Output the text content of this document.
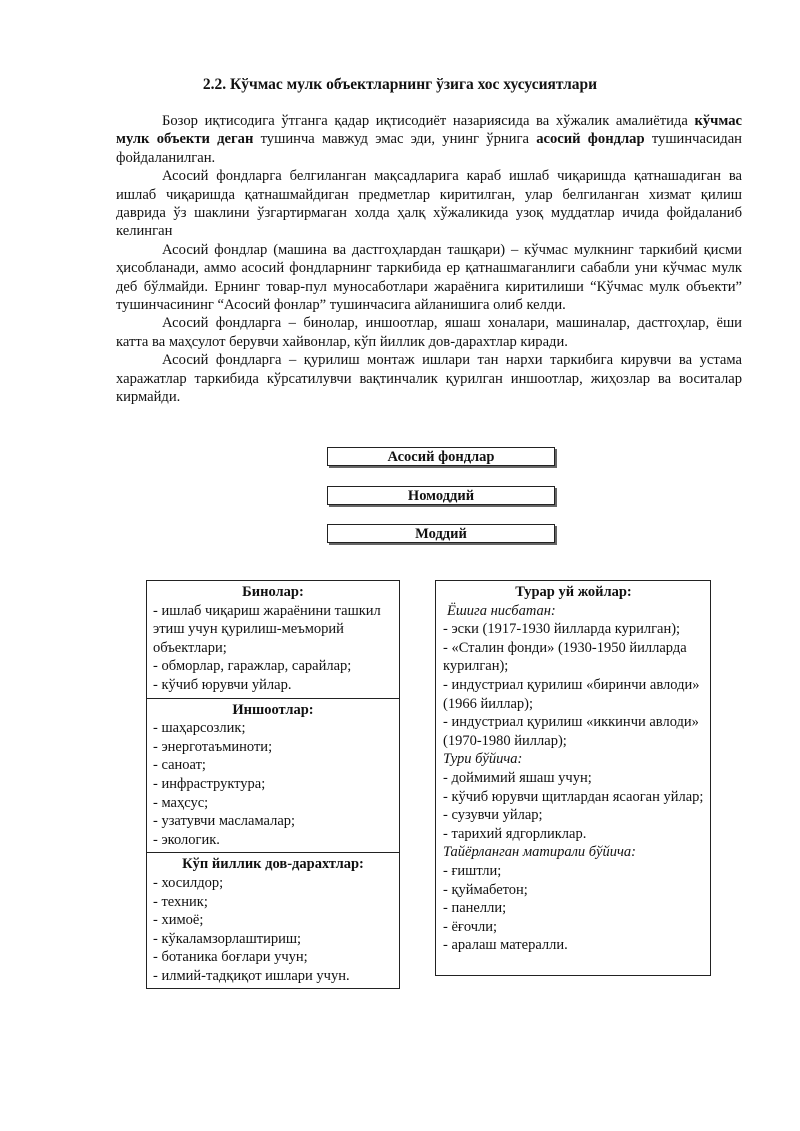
2.2. Кўчмас мулк объектларнинг ўзига хос хусусиятлари

Бозор иқтисодига ўтганга қадар иқтисодиёт назариясида ва хўжалик амалиётида кўчмас мулк объекти деган тушинча мавжуд эмас эди, унинг ўрнига асосий фондлар тушинчасидан фойдаланилган.

Асосий фондларга белгиланган мақсадларига караб ишлаб чиқаришда қатнашадиган ва ишлаб чиқаришда қатнашмайдиган предметлар киритилган, улар белгиланган хизмат қилиш даврида ўз шаклини ўзгартирмаган холда ҳалқ хўжаликида узоқ муддатлар ичида фойдаланиб келинган

Асосий фондлар (машина ва дастгоҳлардан ташқари) – кўчмас мулкнинг таркибий қисми ҳисобланади, аммо асосий фондларнинг таркибида ер қатнашмаганлиги сабабли уни кўчмас мулк деб бўлмайди. Ернинг товар-пул муносаботлари жараёнига киритилиши “Кўчмас мулк объекти” тушинчасининг “Асосий фонлар” тушинчасига айланишига олиб келди.

Асосий фондларга – бинолар, иншоотлар, яшаш хоналари, машиналар, дастгоҳлар, ёши катта ва маҳсулот берувчи хайвонлар, кўп йиллик дов-дарахтлар киради.

Асосий фондларга – қурилиш монтаж ишлари тан нархи таркибига кирувчи ва устама харажатлар таркибида кўрсатилувчи вақтинчалик қурилган иншоотлар, жиҳозлар ва воситалар кирмайди.

Асосий фондлар
Номоддий
Моддий
Бинолар:
- ишлаб чиқариш жараёнини ташкил этиш учун қурилиш-меъморий объектлари;
- обморлар, гаражлар, сарайлар;
- кўчиб юрувчи уйлар.
Иншоотлар:
- шаҳарсозлик;
- энерготаъминоти;
- саноат;
- инфраструктура;
- маҳсус;
- узатувчи масламалар;
- экологик.
Кўп йиллик дов-дарахтлар:
- хосилдор;
- техник;
- химоё;
- кўкаламзорлаштириш;
- ботаника боғлари учун;
- илмий-тадқиқот ишлари учун.
Турар уй жойлар:
Ёшига нисбатан:
- эски (1917-1930 йилларда курилган);
- «Сталин фонди» (1930-1950 йилларда курилган);
- индустриал қурилиш «биринчи авлоди» (1966 йиллар);
- индустриал қурилиш «иккинчи авлоди» (1970-1980 йиллар);
Тури бўйича:
- доймимий яшаш учун;
- кўчиб юрувчи щитлардан ясаоган уйлар;
- сузувчи уйлар;
- тарихий ядгорликлар.
Тайёрланган матирали бўйича:
- ғиштли;
- қуймабетон;
- панелли;
- ёғочли;
- аралаш матералли.
